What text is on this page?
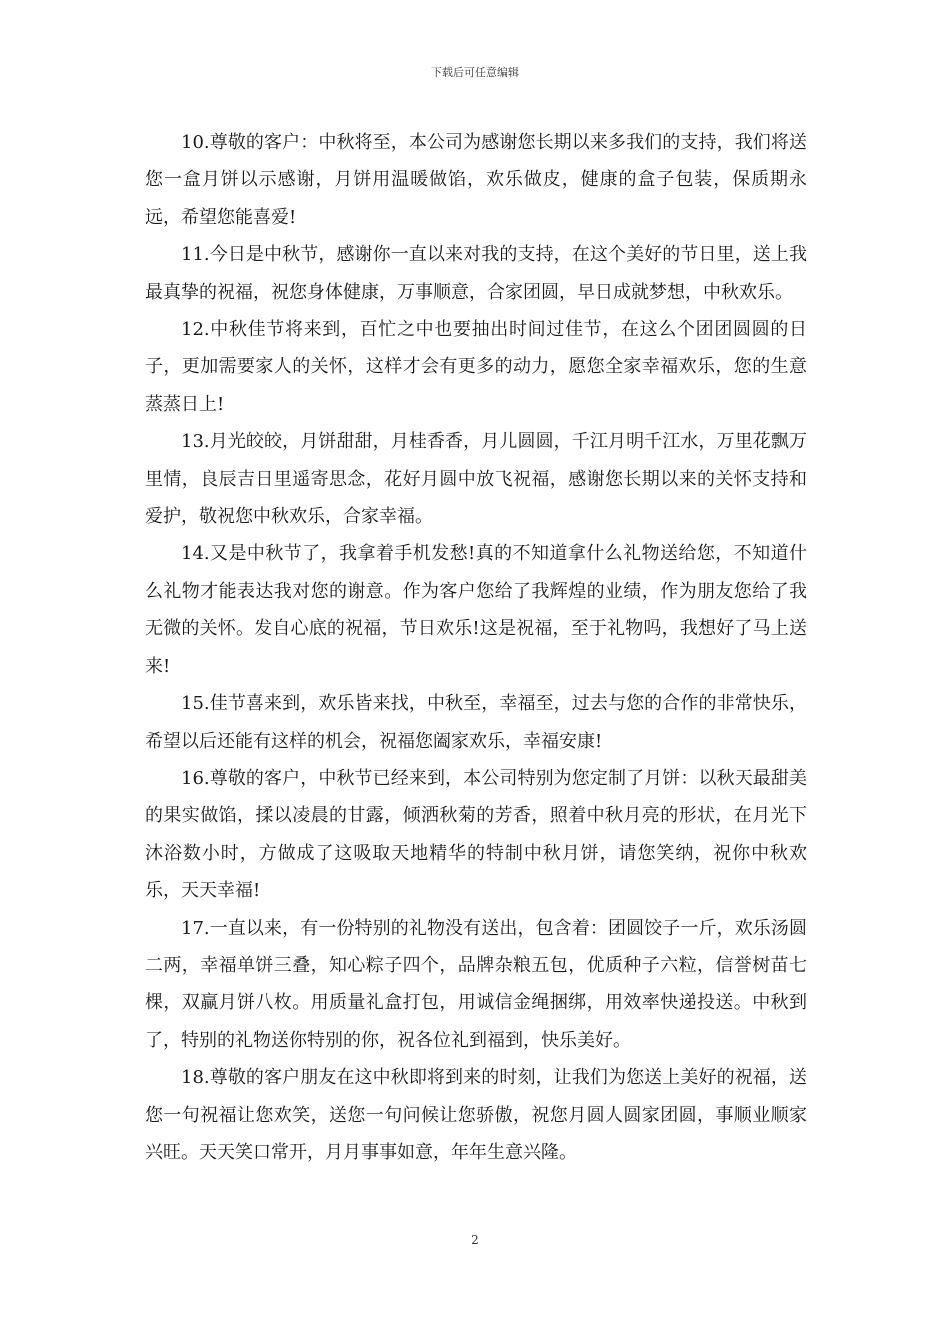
下载后可任意编辑

10.尊敬的客户：中秋将至，本公司为感谢您长期以来多我们的支持，我们将送您一盒月饼以示感谢，月饼用温暖做馅，欢乐做皮，健康的盒子包装，保质期永远，希望您能喜爱!

11.今日是中秋节，感谢你一直以来对我的支持，在这个美好的节日里，送上我最真挚的祝福，祝您身体健康，万事顺意，合家团圆，早日成就梦想，中秋欢乐。

12.中秋佳节将来到，百忙之中也要抽出时间过佳节，在这么个团团圆圆的日子，更加需要家人的关怀，这样才会有更多的动力，愿您全家幸福欢乐，您的生意蒸蒸日上!

13.月光皎皎，月饼甜甜，月桂香香，月儿圆圆，千江月明千江水，万里花飘万里情，良辰吉日里遥寄思念，花好月圆中放飞祝福，感谢您长期以来的关怀支持和爱护，敬祝您中秋欢乐，合家幸福。

14.又是中秋节了，我拿着手机发愁!真的不知道拿什么礼物送给您，不知道什么礼物才能表达我对您的谢意。作为客户您给了我辉煌的业绩，作为朋友您给了我无微的关怀。发自心底的祝福，节日欢乐!这是祝福，至于礼物吗，我想好了马上送来!

15.佳节喜来到，欢乐皆来找，中秋至，幸福至，过去与您的合作的非常快乐，希望以后还能有这样的机会，祝福您阖家欢乐，幸福安康!

16.尊敬的客户，中秋节已经来到，本公司特别为您定制了月饼：以秋天最甜美的果实做馅，揉以凌晨的甘露，倾洒秋菊的芳香，照着中秋月亮的形状，在月光下沐浴数小时，方做成了这吸取天地精华的特制中秋月饼，请您笑纳，祝你中秋欢乐，天天幸福!

17.一直以来，有一份特别的礼物没有送出，包含着：团圆饺子一斤，欢乐汤圆二两，幸福单饼三叠，知心粽子四个，品牌杂粮五包，优质种子六粒，信誉树苗七棵，双赢月饼八枚。用质量礼盒打包，用诚信金绳捆绑，用效率快递投送。中秋到了，特别的礼物送你特别的你，祝各位礼到福到，快乐美好。

18.尊敬的客户朋友在这中秋即将到来的时刻，让我们为您送上美好的祝福，送您一句祝福让您欢笑，送您一句问候让您骄傲，祝您月圆人圆家团圆，事顺业顺家兴旺。天天笑口常开，月月事事如意，年年生意兴隆。

2
